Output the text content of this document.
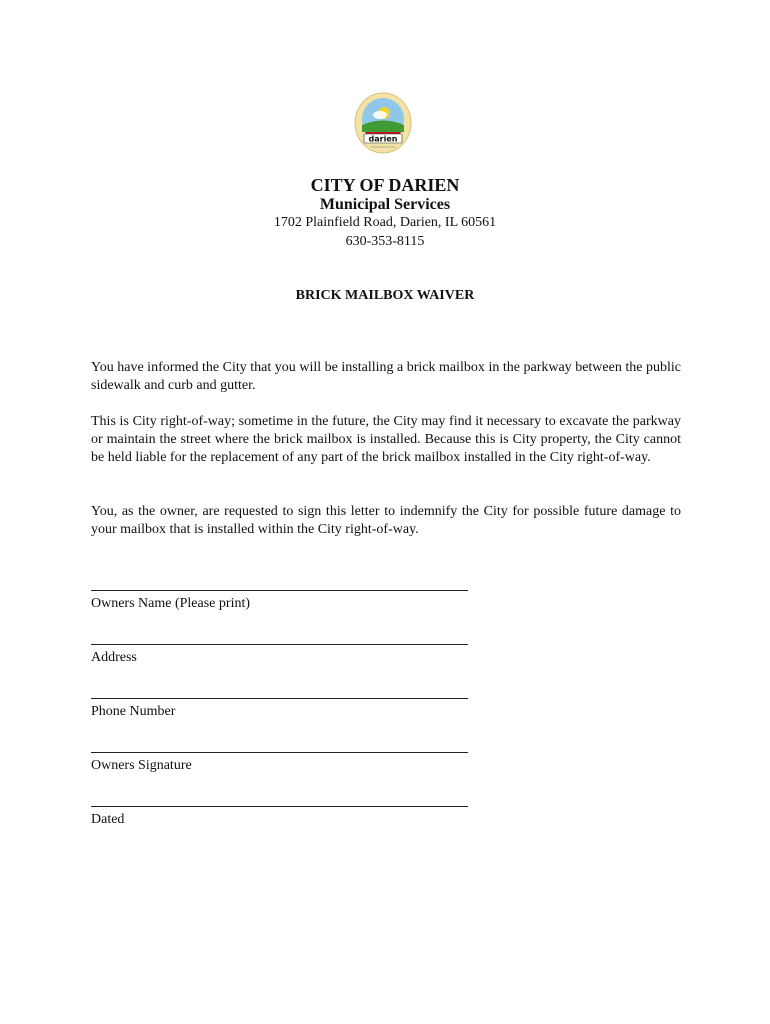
darien
CITY OF DARIEN
Municipal Services
1702 Plainfield Road, Darien, IL 60561
630-353-8115
BRICK MAILBOX WAIVER

You have informed the City that you will be installing a brick mailbox in the parkway between the public sidewalk and curb and gutter.

This is City right-of-way; sometime in the future, the City may find it necessary to excavate the parkway or maintain the street where the brick mailbox is installed. Because this is City property, the City cannot be held liable for the replacement of any part of the brick mailbox installed in the City right-of-way.

You, as the owner, are requested to sign this letter to indemnify the City for possible future damage to your mailbox that is installed within the City right-of-way.

Owners Name (Please print)
Address
Phone Number
Owners Signature
Dated
